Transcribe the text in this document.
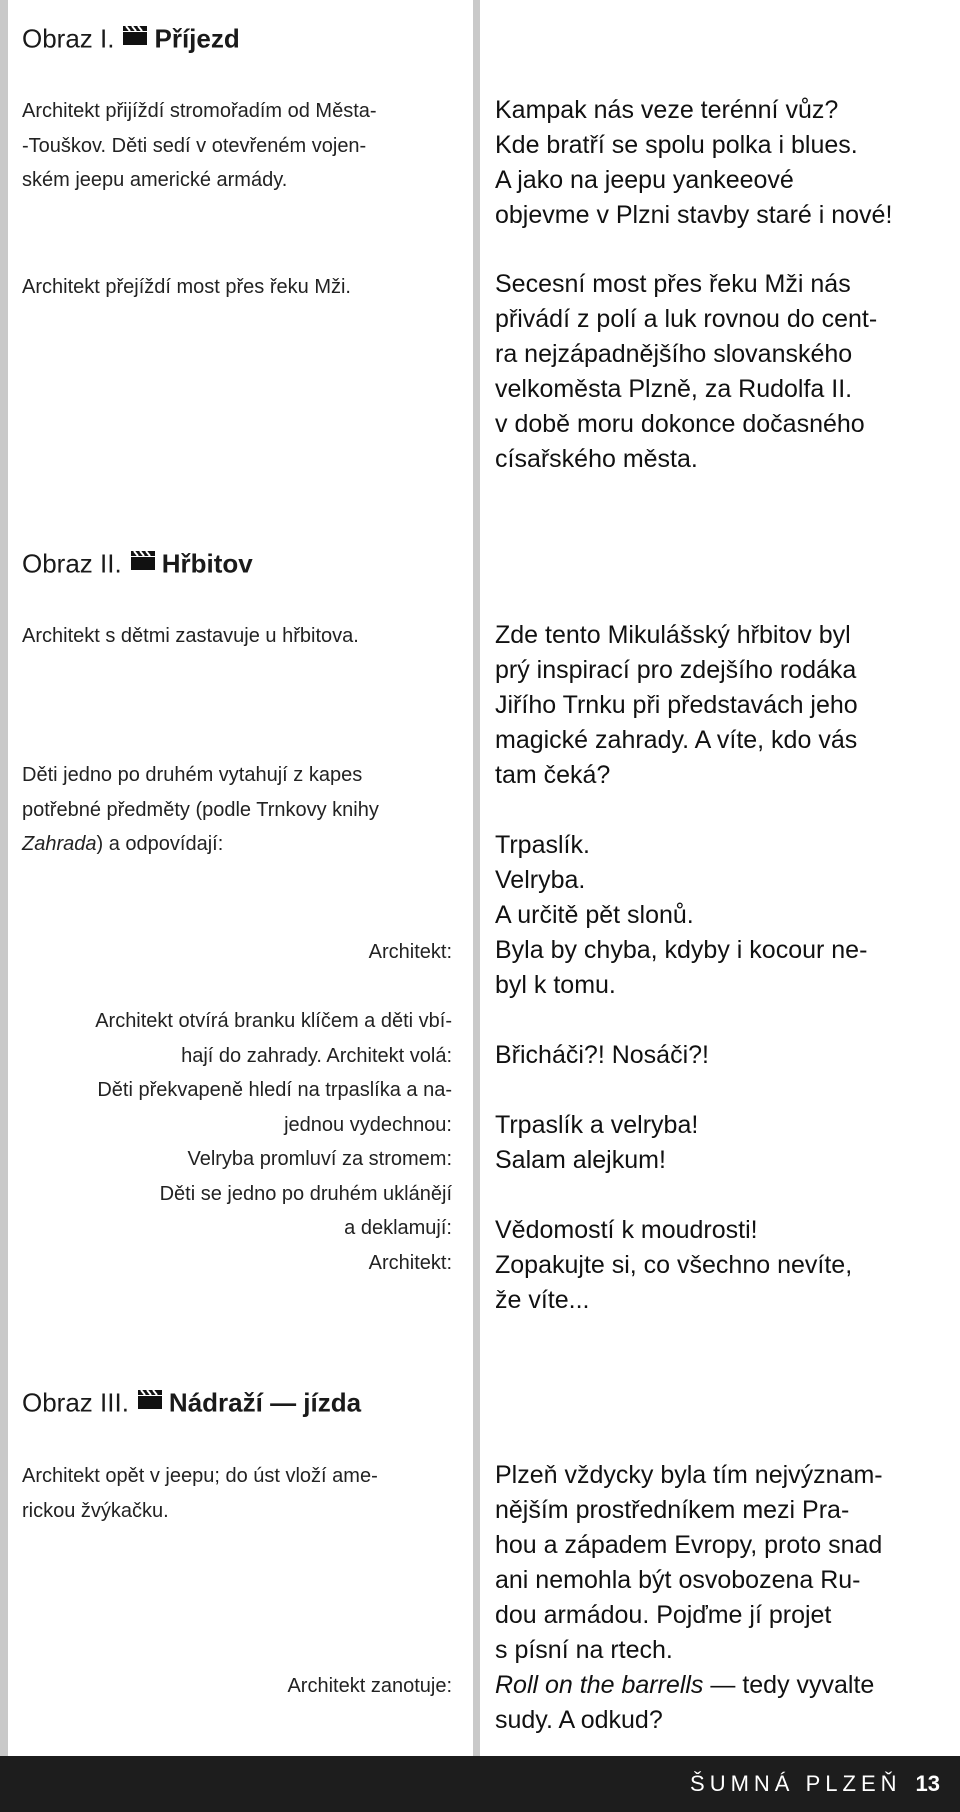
Obraz I. Příjezd
Architekt přijíždí stromořadím od Města-
-Touškov. Děti sedí v otevřeném vojen-
ském jeepu americké armády.
Architekt přejíždí most přes řeku Mži.
Kampak nás veze terénní vůz?
Kde bratří se spolu polka i blues.
A jako na jeepu yankeeové
objevme v Plzni stavby staré i nové!
Secesní most přes řeku Mži nás
přivádí z polí a luk rovnou do cent-
ra nejzápadnějšího slovanského
velkoměsta Plzně, za Rudolfa II.
v době moru dokonce dočasného
císařského města.
Obraz II. Hřbitov
Architekt s dětmi zastavuje u hřbitova.
Děti jedno po druhém vytahují z kapes
potřebné předměty (podle Trnkovy knihy
Zahrada) a odpovídají:
Architekt:
Architekt otvírá branku klíčem a děti vbí-
hají do zahrady. Architekt volá:
Děti překvapeně hledí na trpaslíka a na-
jednou vydechnou:
Velryba promluví za stromem:
Děti se jedno po druhém uklánějí
a deklamují:
Architekt:
Zde tento Mikulášský hřbitov byl
prý inspirací pro zdejšího rodáka
Jiřího Trnku při představách jeho
magické zahrady. A víte, kdo vás
tam čeká?
Trpaslík.
Velryba.
A určitě pět slonů.
Byla by chyba, kdyby i kocour ne-
byl k tomu.
Břicháči?! Nosáči?!
Trpaslík a velryba!
Salam alejkum!
Vědomostí k moudrosti!
Zopakujte si, co všechno nevíte,
že víte...
Obraz III. Nádraží — jízda
Architekt opět v jeepu; do úst vloží ame-
rickou žvýkačku.
Architekt zanotuje:
Plzeň vždycky byla tím nejvýznam-
nějším prostředníkem mezi Pra-
hou a západem Evropy, proto snad
ani nemohla být osvobozena Ru-
dou armádou. Pojďme jí projet
s písní na rtech.
Roll on the barrells — tedy vyvalte
sudy. A odkud?
ŠUMNÁ PLZEŇ 13
